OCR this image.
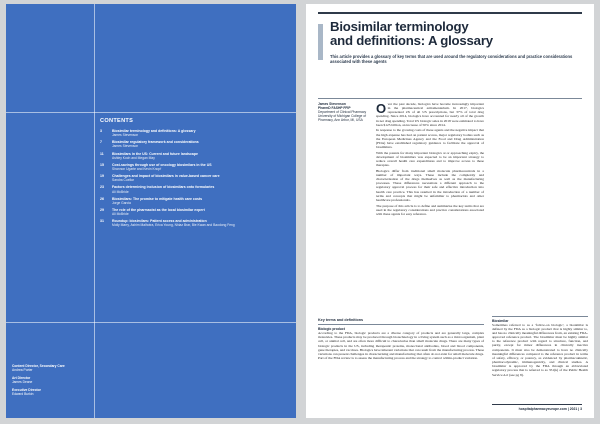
CONTENTS
3	Biosimilar terminology and definitions: A glossary
James Stevenson
7	Biosimilar regulatory framework and considerations
James Stevenson
11	Biosimilars in the US: Current and future landscape
Ashley Koch and Megan May
15	Cost-savings through use of oncology biosimilars in the US
Shannon Ugarte and Kevin Knopf
19	Challenges and impact of biosimilars in value-based cancer care
Sandra Cuellar
23	Factors determining inclusion of biosimilars onto formularies
Ali McBride
26	Biosimilars: The promise to mitigate health care costs
Jorge Garcia
29	The role of the pharmacist as the local biosimilar expert
Ali McBride
31	Roundup: biosimilars: Patient access and administration
Molly Marry, Ashim Malhotra, Erica Young, Nhiaz Brar, Bie Kwan and Baodong Feng
Content Director, Secondary Care
Andrea Porter
Art Director
James Deane
Executive Director
Edward Burkin
Biosimilar terminology
and definitions: A glossary
This article provides a glossary of key terms that are used around the regulatory considerations and practice considerations associated with these agents
James Stevenson
PharmD FASHP FFIP
Department of Clinical Pharmacy University of Michigan College of Pharmacy, Ann Arbor, MI, USA
Over the past decade, biologics have become increasingly important in the pharmaceutical armamentarium. In 2017, biologics represented 2X of all US prescriptions, but 37% of total drug spending. Since 2014, biologics have accounted for nearly all of the growth in net drug spending. Total US biologic sales in 2018 were estimated to have been $125 billion, an increase of 50% since 2014.
In response to the growing costs of these agents and the negative impact that the high expense has had on patient access, major regulatory bodies such as the European Medicines Agency and the Food and Drug Administration (FDA) have established regulatory guidance to facilitate the approval of biosimilars.
With the patents for many important biologics at or approaching expiry, the development of biosimilars was expected to be an important strategy to reduce overall health care expenditures and to improve access to these therapies.
Biologics differ from traditional small molecule pharmaceuticals in a number of important ways. These include the complexity and characterisation of the drugs themselves as well as the manufacturing processes. These differences necessitate a different approach to the regulatory approval process for their safe and effective introduction into health care practice. This has resulted in the introduction of a number of terms and concepts that might be unfamiliar to pharmacists and other healthcare professionals.
The purpose of this article is to define and summarise the key terms that are used in the regulatory considerations and practice considerations associated with these agents for easy reference.
Key terms and definitions
Biologic product
According to the FDA, biologic products are a diverse category of products and are generally large, complex molecules. These products may be produced through biotechnology in a living system such as a microorganism, plant cell, or animal cell, and are often more difficult to characterise than small molecule drugs. There are many types of biologic products in the US, including therapeutic proteins, monoclonal antibodies, blood and blood components, gene therapies, and vaccines. Biologics have inherent variations that can result from the manufacturing process. These variations can present challenges in characterising and manufacturing that often do not exist for small molecule drugs. Part of the FDA review is to assess the manufacturing process and the strategy to control within-product variation.
Biosimilar
Sometimes referred to as a 'follow-on biologic', a biosimilar is defined by the FDA as a biologic product that is highly similar to, and has no clinically meaningful differences from, an existing FDA-approved reference product. The biosimilar must be highly similar to the reference product with regard to structure, function, and purity, except for minor differences in clinically inactive components. It must also be demonstrated to have no clinically meaningful differences compared to the reference product in terms of safety, efficacy, or potency, as evidenced by pharmacokinetic, pharmacodynamic, immunogenicity, and clinical studies. A biosimilar is approved by the FDA through an abbreviated regulatory process that is referred to as 351(k) of the Public Health Service Act (see pg 8).
hospitalpharmacyeurope.com | 2021 | 3
